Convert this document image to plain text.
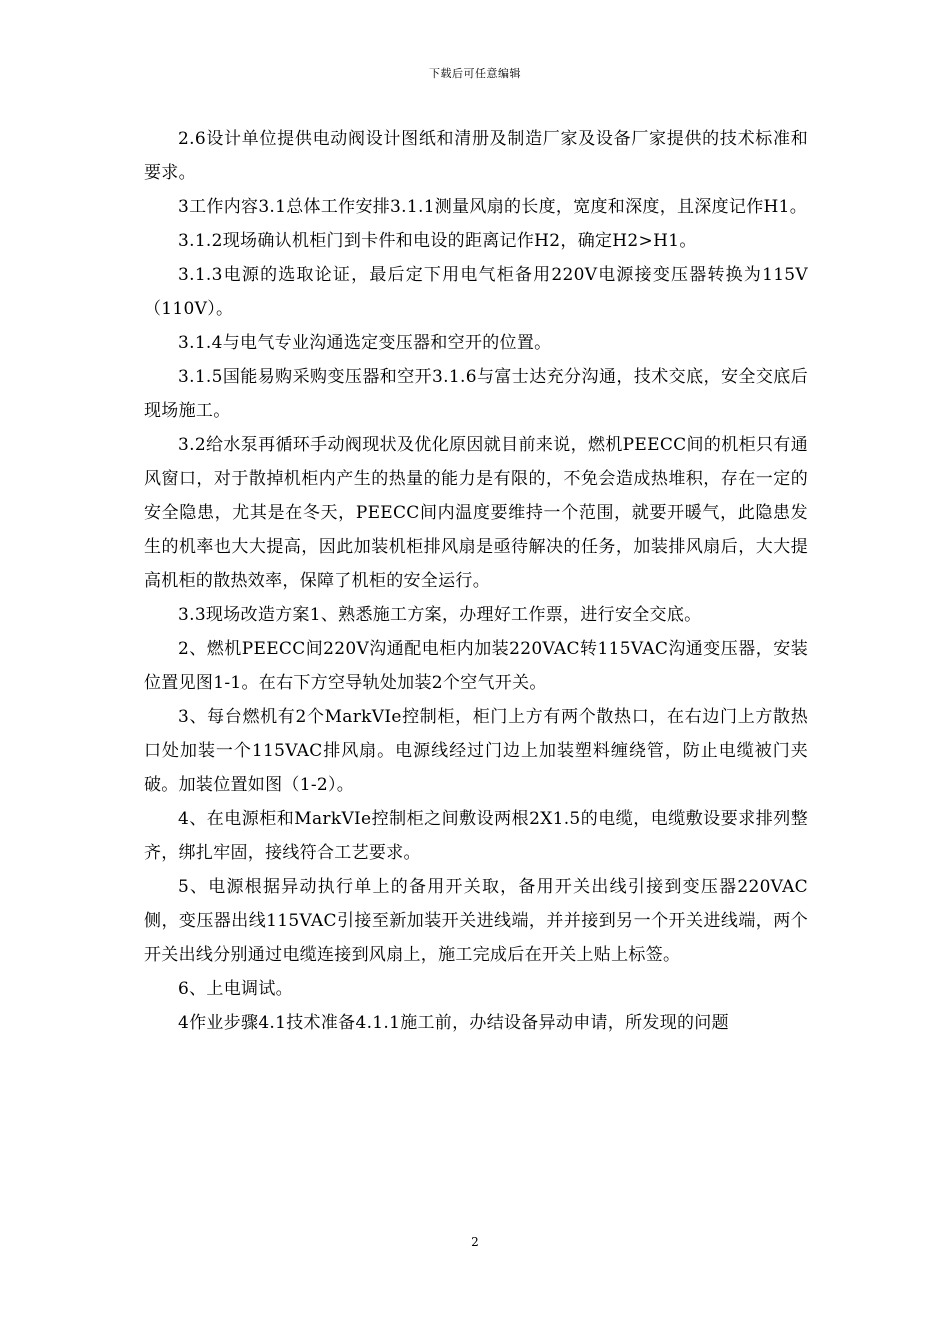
下载后可任意编辑

2.6设计单位提供电动阀设计图纸和清册及制造厂家及设备厂家提供的技术标准和要求。

3工作内容3.1总体工作安排3.1.1测量风扇的长度，宽度和深度，且深度记作H1。

3.1.2现场确认机柜门到卡件和电设的距离记作H2，确定H2>H1。

3.1.3电源的选取论证，最后定下用电气柜备用220V电源接变压器转换为115V（110V）。

3.1.4与电气专业沟通选定变压器和空开的位置。

3.1.5国能易购采购变压器和空开3.1.6与富士达充分沟通，技术交底，安全交底后现场施工。

3.2给水泵再循环手动阀现状及优化原因就目前来说，燃机PEECC间的机柜只有通风窗口，对于散掉机柜内产生的热量的能力是有限的，不免会造成热堆积，存在一定的安全隐患，尤其是在冬天，PEECC间内温度要维持一个范围，就要开暖气，此隐患发生的机率也大大提高，因此加装机柜排风扇是亟待解决的任务，加装排风扇后，大大提高机柜的散热效率，保障了机柜的安全运行。

3.3现场改造方案1、熟悉施工方案，办理好工作票，进行安全交底。

2、燃机PEECC间220V沟通配电柜内加装220VAC转115VAC沟通变压器，安装位置见图1-1。在右下方空导轨处加装2个空气开关。

3、每台燃机有2个MarkVIe控制柜，柜门上方有两个散热口，在右边门上方散热口处加装一个115VAC排风扇。电源线经过门边上加装塑料缠绕管，防止电缆被门夹破。加装位置如图（1-2）。

4、在电源柜和MarkVIe控制柜之间敷设两根2X1.5的电缆，电缆敷设要求排列整齐，绑扎牢固，接线符合工艺要求。

5、电源根据异动执行单上的备用开关取，备用开关出线引接到变压器220VAC侧，变压器出线115VAC引接至新加装开关进线端，并并接到另一个开关进线端，两个开关出线分别通过电缆连接到风扇上，施工完成后在开关上贴上标签。

6、上电调试。

4作业步骤4.1技术准备4.1.1施工前，办结设备异动申请，所发现的问题

2
